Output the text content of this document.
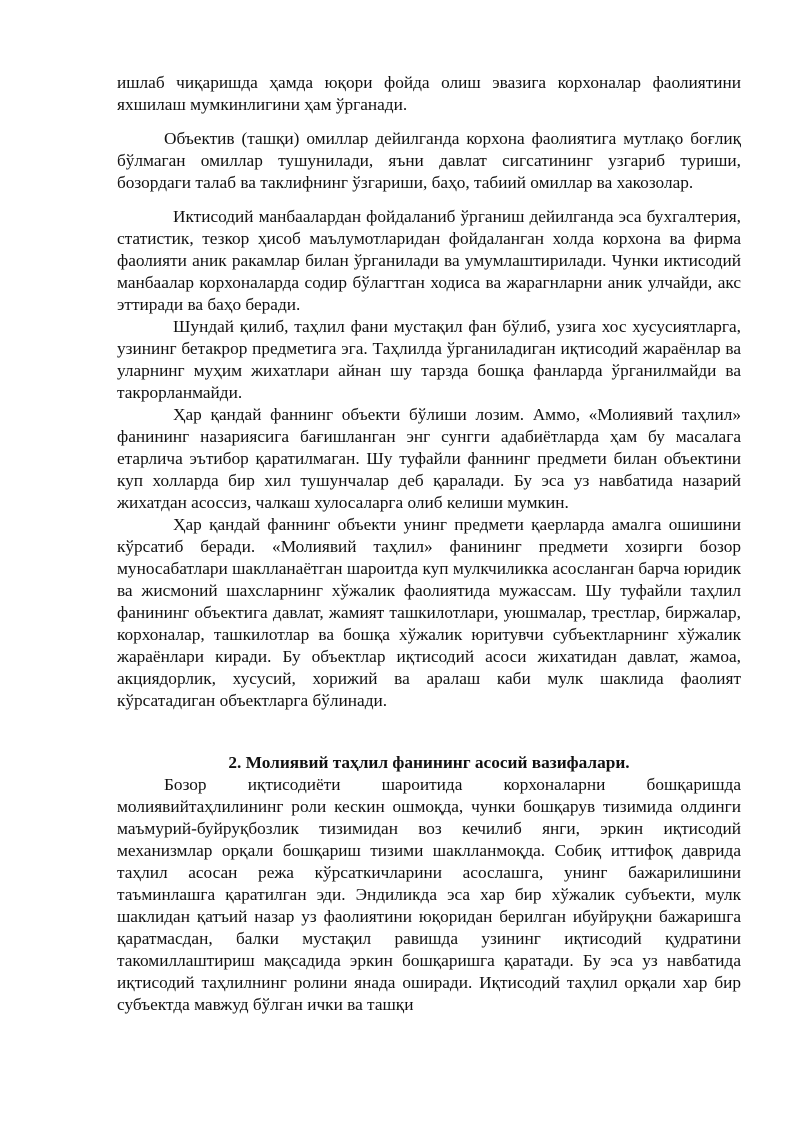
ишлаб чиқаришда ҳамда юқори фойда олиш эвазига корхоналар фаолиятини яхшилаш мумкинлигини ҳам ўрганади.

Объектив (ташқи) омиллар дейилганда корхона фаолиятига мутлақо боғлиқ бўлмаган омиллар тушунилади, яъни давлат сигсатининг узгариб туриши, бозордаги талаб ва таклифнинг ўзгариши, баҳо, табиий омиллар ва хакозолар.

Иктисодий манбаалардан фойдаланиб ўрганиш дейилганда эса бухгалтерия, статистик, тезкор ҳисоб маълумотларидан фойдаланган холда корхона ва фирма фаолияти аник ракамлар билан ўрганилади ва умумлаштирилади. Чунки иктисодий манбаалар корхоналарда содир бўлагтган ходиса ва жарагнларни аник улчайди, акс эттиради ва баҳо беради.

Шундай қилиб, таҳлил фани мустақил фан бўлиб, узига хос хусусиятларга, узининг бетакрор предметига эга. Таҳлилда ўрганиладиган иқтисодий жараёнлар ва уларнинг муҳим жихатлари айнан шу тарзда бошқа фанларда ўрганилмайди ва такрорланмайди.

Ҳар қандай фаннинг объекти бўлиши лозим. Аммо, «Молиявий таҳлил» фанининг назариясига бағишланган энг сунгги адабиётларда ҳам бу масалага етарлича эътибор қаратилмаган. Шу туфайли фаннинг предмети билан объектини куп холларда бир хил тушунчалар деб қаралади. Бу эса уз навбатида назарий жихатдан асоссиз, чалкаш хулосаларга олиб келиши мумкин.

Ҳар қандай фаннинг объекти унинг предмети қаерларда амалга ошишини кўрсатиб беради. «Молиявий таҳлил» фанининг предмети хозирги бозор муносабатлари шаклланаётган шароитда куп мулкчиликка асосланган барча юридик ва жисмоний шахсларнинг хўжалик фаолиятида мужассам. Шу туфайли таҳлил фанининг объектига давлат, жамият ташкилотлари, уюшмалар, трестлар, биржалар, корхоналар, ташкилотлар ва бошқа хўжалик юритувчи субъектларнинг хўжалик жараёнлари киради. Бу объектлар иқтисодий асоси жихатидан давлат, жамоа, акциядорлик, хусусий, хорижий ва аралаш каби мулк шаклида фаолият кўрсатадиган объектларга бўлинади.

2. Молиявий таҳлил фанининг асосий вазифалари.

Бозор иқтисодиёти шароитида корхоналарни бошқаришда молиявийтаҳлилининг роли кескин ошмоқда, чунки бошқарув тизимида олдинги маъмурий-буйруқбозлик тизимидан воз кечилиб янги, эркин иқтисодий механизмлар орқали бошқариш тизими шаклланмоқда. Собиқ иттифоқ даврида таҳлил асосан режа кўрсаткичларини асослашга, унинг бажарилишини таъминлашга қаратилган эди. Эндиликда эса хар бир хўжалик субъекти, мулк шаклидан қатъий назар уз фаолиятини юқоридан берилган ибуйруқни бажаришга қаратмасдан, балки мустақил равишда узининг иқтисодий қудратини такомиллаштириш мақсадида эркин бошқаришга қаратади. Бу эса уз навбатида иқтисодий таҳлилнинг ролини янада оширади. Иқтисодий таҳлил орқали хар бир субъектда мавжуд бўлган ички ва ташқи
